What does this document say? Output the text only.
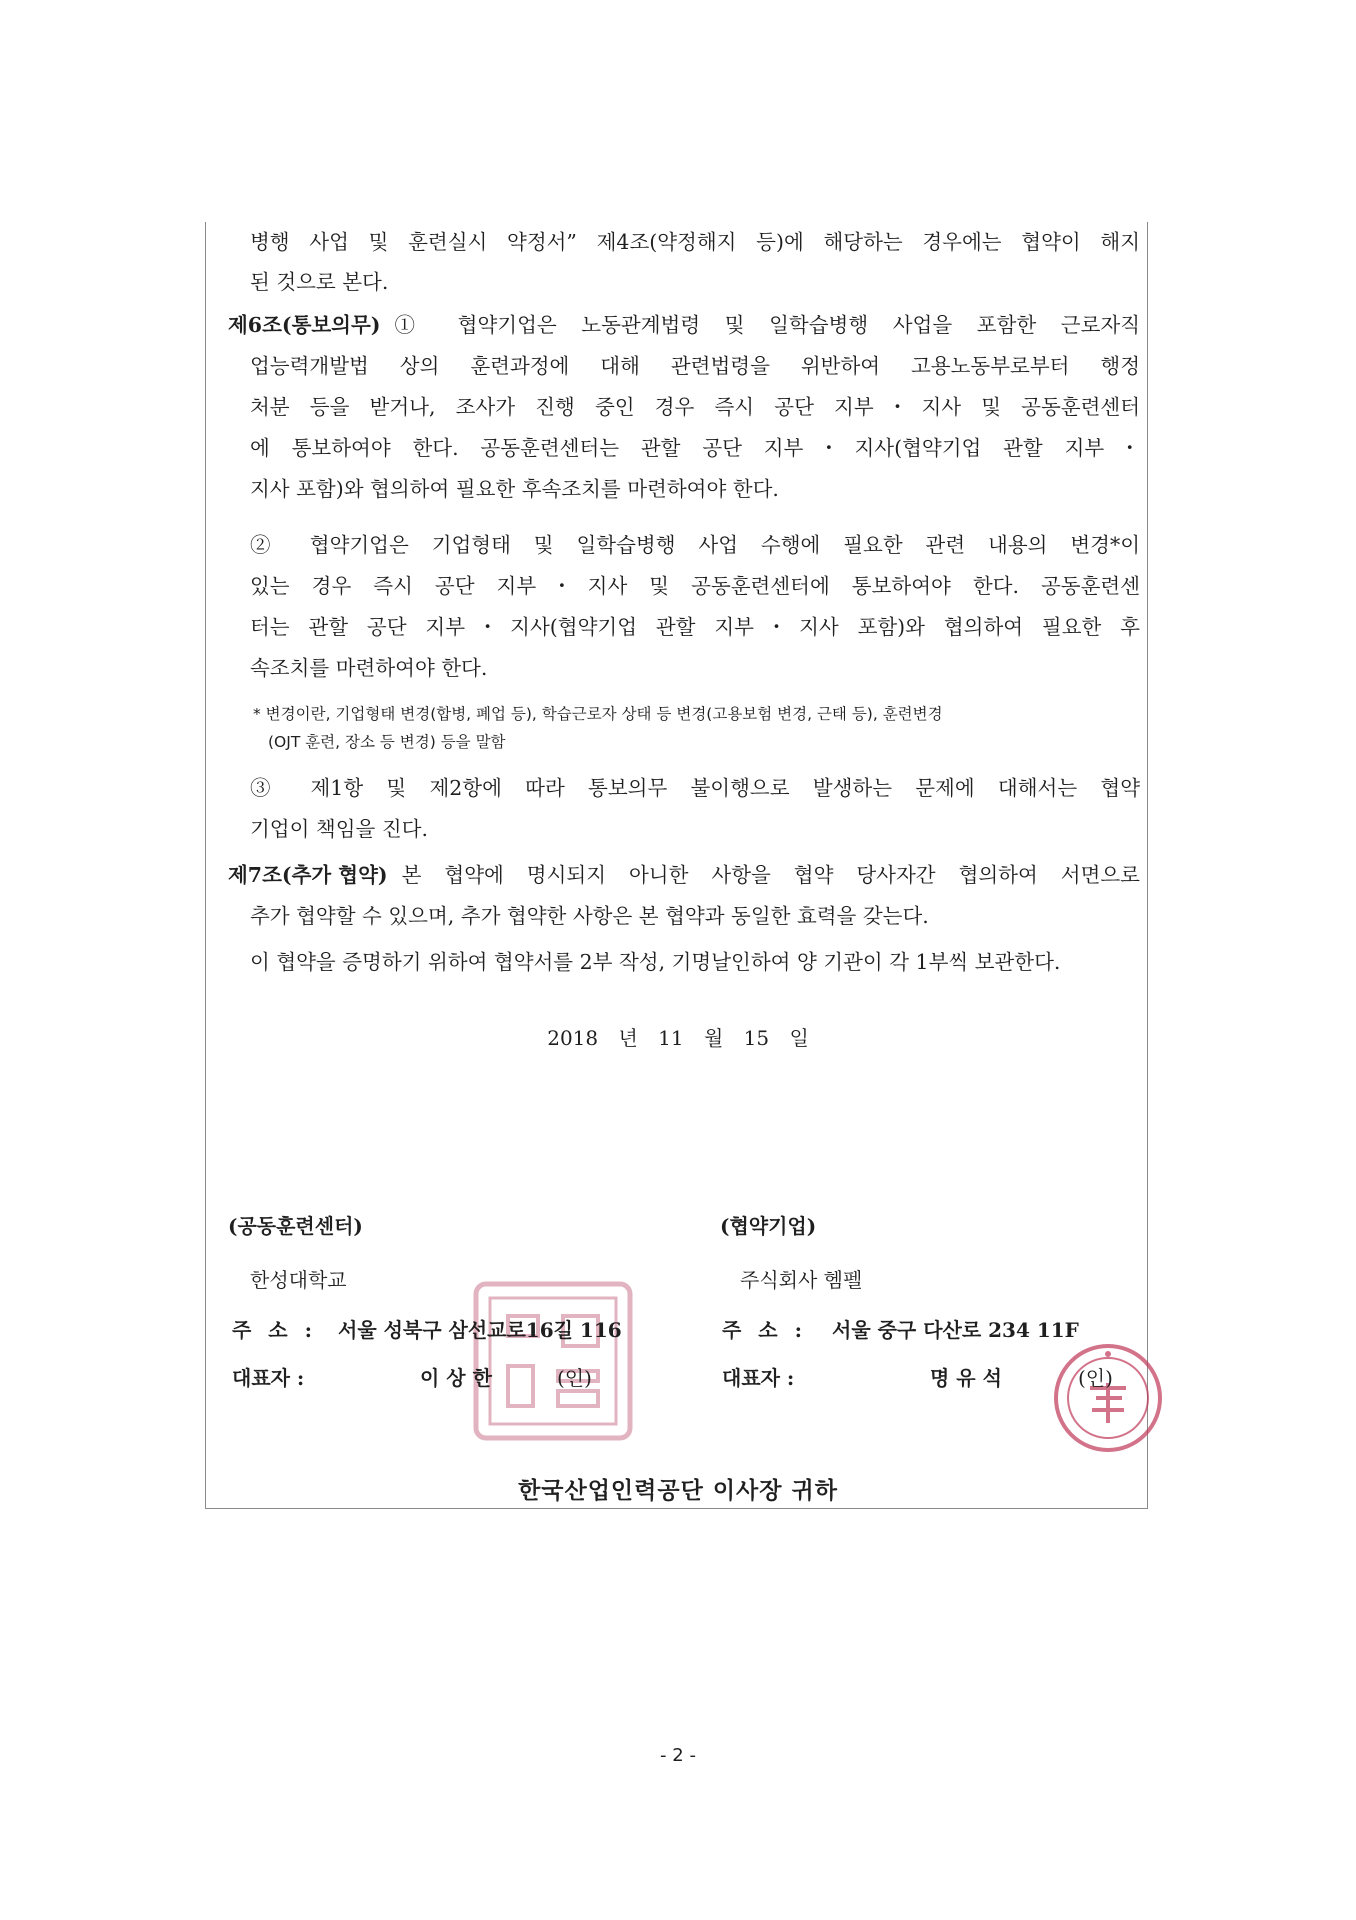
병행 사업 및 훈련실시 약정서” 제4조(약정해지 등)에 해당하는 경우에는 협약이 해지
된 것으로 본다.
제6조(통보의무) ① 협약기업은 노동관계법령 및 일학습병행 사업을 포함한 근로자직
업능력개발법 상의 훈련과정에 대해 관련법령을 위반하여 고용노동부로부터 행정
처분 등을 받거나, 조사가 진행 중인 경우 즉시 공단 지부・지사 및 공동훈련센터
에 통보하여야 한다. 공동훈련센터는 관할 공단 지부・지사(협약기업 관할 지부・
지사 포함)와 협의하여 필요한 후속조치를 마련하여야 한다.
② 협약기업은 기업형태 및 일학습병행 사업 수행에 필요한 관련 내용의 변경*이
있는 경우 즉시 공단 지부・지사 및 공동훈련센터에 통보하여야 한다. 공동훈련센
터는 관할 공단 지부・지사(협약기업 관할 지부・지사 포함)와 협의하여 필요한 후
속조치를 마련하여야 한다.
* 변경이란, 기업형태 변경(합병, 폐업 등), 학습근로자 상태 등 변경(고용보험 변경, 근태 등), 훈련변경
(OJT 훈련, 장소 등 변경) 등을 말함
③ 제1항 및 제2항에 따라 통보의무 불이행으로 발생하는 문제에 대해서는 협약
기업이 책임을 진다.
제7조(추가 협약) 본 협약에 명시되지 아니한 사항을 협약 당사자간 협의하여 서면으로
추가 협약할 수 있으며, 추가 협약한 사항은 본 협약과 동일한 효력을 갖는다.
이 협약을 증명하기 위하여 협약서를 2부 작성, 기명날인하여 양 기관이 각 1부씩 보관한다.
2018 년 11 월 15 일
(공동훈련센터)
한성대학교
주 소 : 서울 성북구 삼선교로16길 116
대표자 :	이 상 한	(인)
(협약기업)
주식회사 헴펠
주 소 : 서울 중구 다산로 234 11F
대표자 :	명 유 석	(인)
한국산업인력공단 이사장 귀하
- 2 -
